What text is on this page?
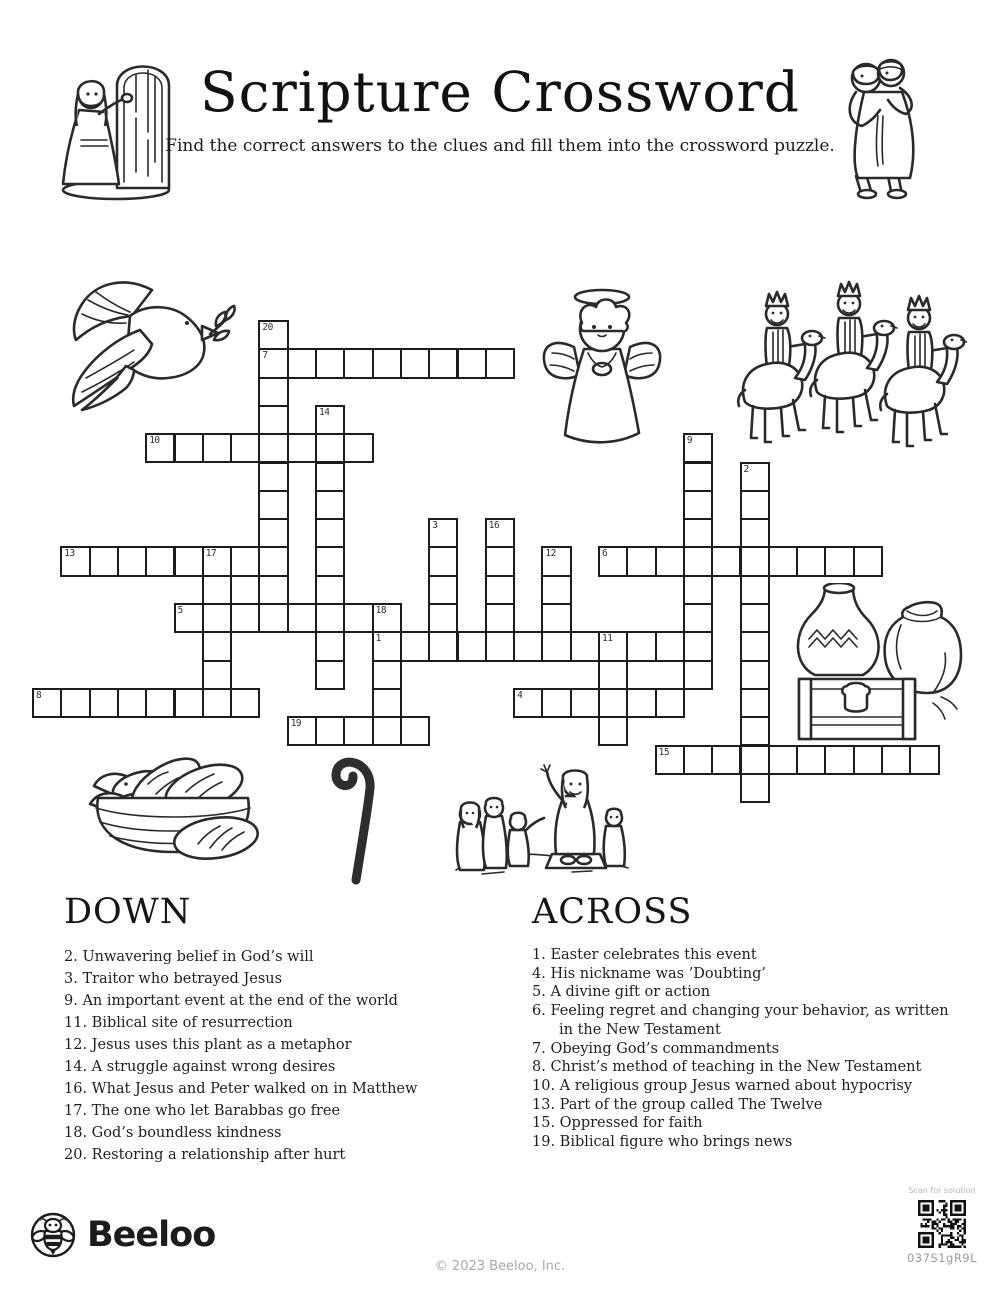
Scripture Crossword
Find the correct answers to the clues and fill them into the crossword puzzle.
1	11
4
5	18
6
7
8
10
13	17
15
19
2
3
9
12
14
16
20
DOWN
2. Unwavering belief in God’s will
3. Traitor who betrayed Jesus
9. An important event at the end of the world
11. Biblical site of resurrection
12. Jesus uses this plant as a metaphor
14. A struggle against wrong desires
16. What Jesus and Peter walked on in Matthew
17. The one who let Barabbas go free
18. God’s boundless kindness
20. Restoring a relationship after hurt
ACROSS
1. Easter celebrates this event
4. His nickname was ’Doubting’
5. A divine gift or action
6. Feeling regret and changing your behavior, as written in the New Testament
7. Obeying God’s commandments
8. Christ’s method of teaching in the New Testament
10. A religious group Jesus warned about hypocrisy
13. Part of the group called The Twelve
15. Oppressed for faith
19. Biblical figure who brings news
Beeloo
© 2023 Beeloo, Inc.
Scan for solution
037S1gR9L
